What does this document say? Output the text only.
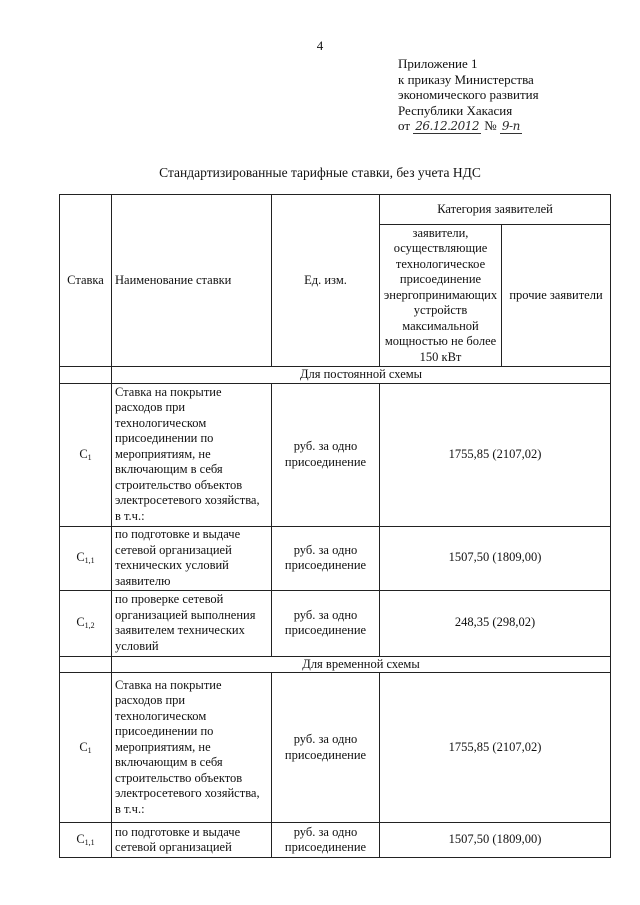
4
Приложение 1
к приказу Министерства
экономического развития
Республики Хакасия
от 26.12.2012 № 9-п
Стандартизированные тарифные ставки, без учета НДС
Ставка	Наименование ставки	Ед. изм.	Категория заявителей	
			заявители, осуществляющие технологическое присоединение энергопринимающих устройств максимальной мощностью не более 150 кВт	прочие заявители
	Для постоянной схемы			
$C_1$	Ставка на покрытие расходов при технологическом присоединении по мероприятиям, не включающим в себя строительство объектов электросетевого хозяйства, в т.ч.:	руб. за одно присоединение	1755,85 (2107,02)	
$C_{1,1}$	по подготовке и выдаче сетевой организацией технических условий заявителю	руб. за одно присоединение	1507,50 (1809,00)	
$C_{1,2}$	по проверке сетевой организацией выполнения заявителем технических условий	руб. за одно присоединение	248,35 (298,02)	
	Для временной схемы			
$C_1$	Ставка на покрытие расходов при технологическом присоединении по мероприятиям, не включающим в себя строительство объектов электросетевого хозяйства, в т.ч.:	руб. за одно присоединение	1755,85 (2107,02)	
$C_{1,1}$	по подготовке и выдаче сетевой организацией	руб. за одно присоединение	1507,50 (1809,00)	
